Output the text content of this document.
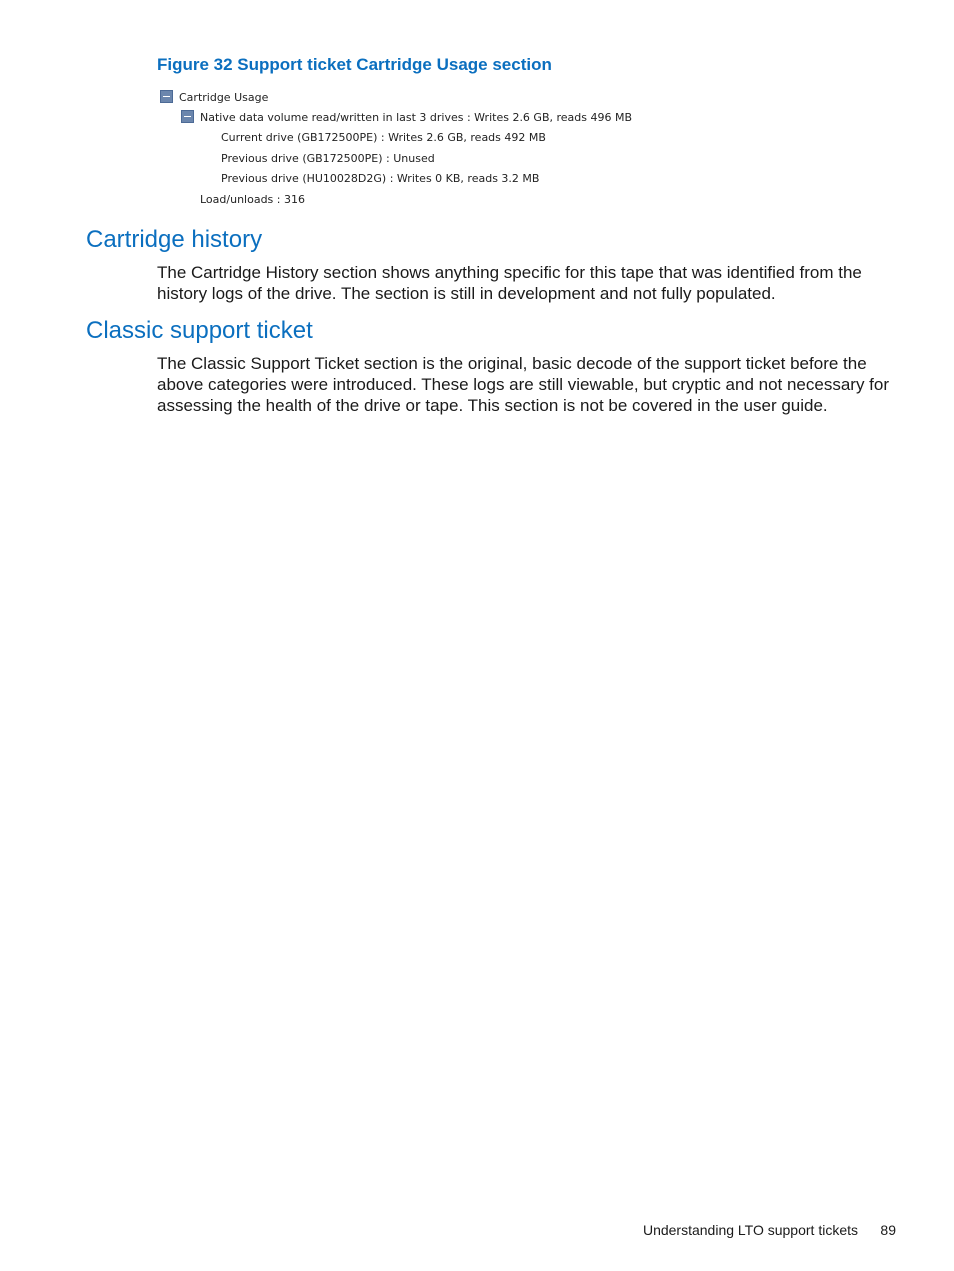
Figure 32 Support ticket Cartridge Usage section
Cartridge Usage
Native data volume read/written in last 3 drives : Writes 2.6 GB, reads 496 MB
Current drive (GB172500PE) : Writes 2.6 GB, reads 492 MB
Previous drive (GB172500PE) : Unused
Previous drive (HU10028D2G) : Writes 0 KB, reads 3.2 MB
Load/unloads : 316
Cartridge history

The Cartridge History section shows anything specific for this tape that was identified from the history logs of the drive. The section is still in development and not fully populated.

Classic support ticket

The Classic Support Ticket section is the original, basic decode of the support ticket before the above categories were introduced. These logs are still viewable, but cryptic and not necessary for assessing the health of the drive or tape. This section is not be covered in the user guide.

Understanding LTO support tickets 89
